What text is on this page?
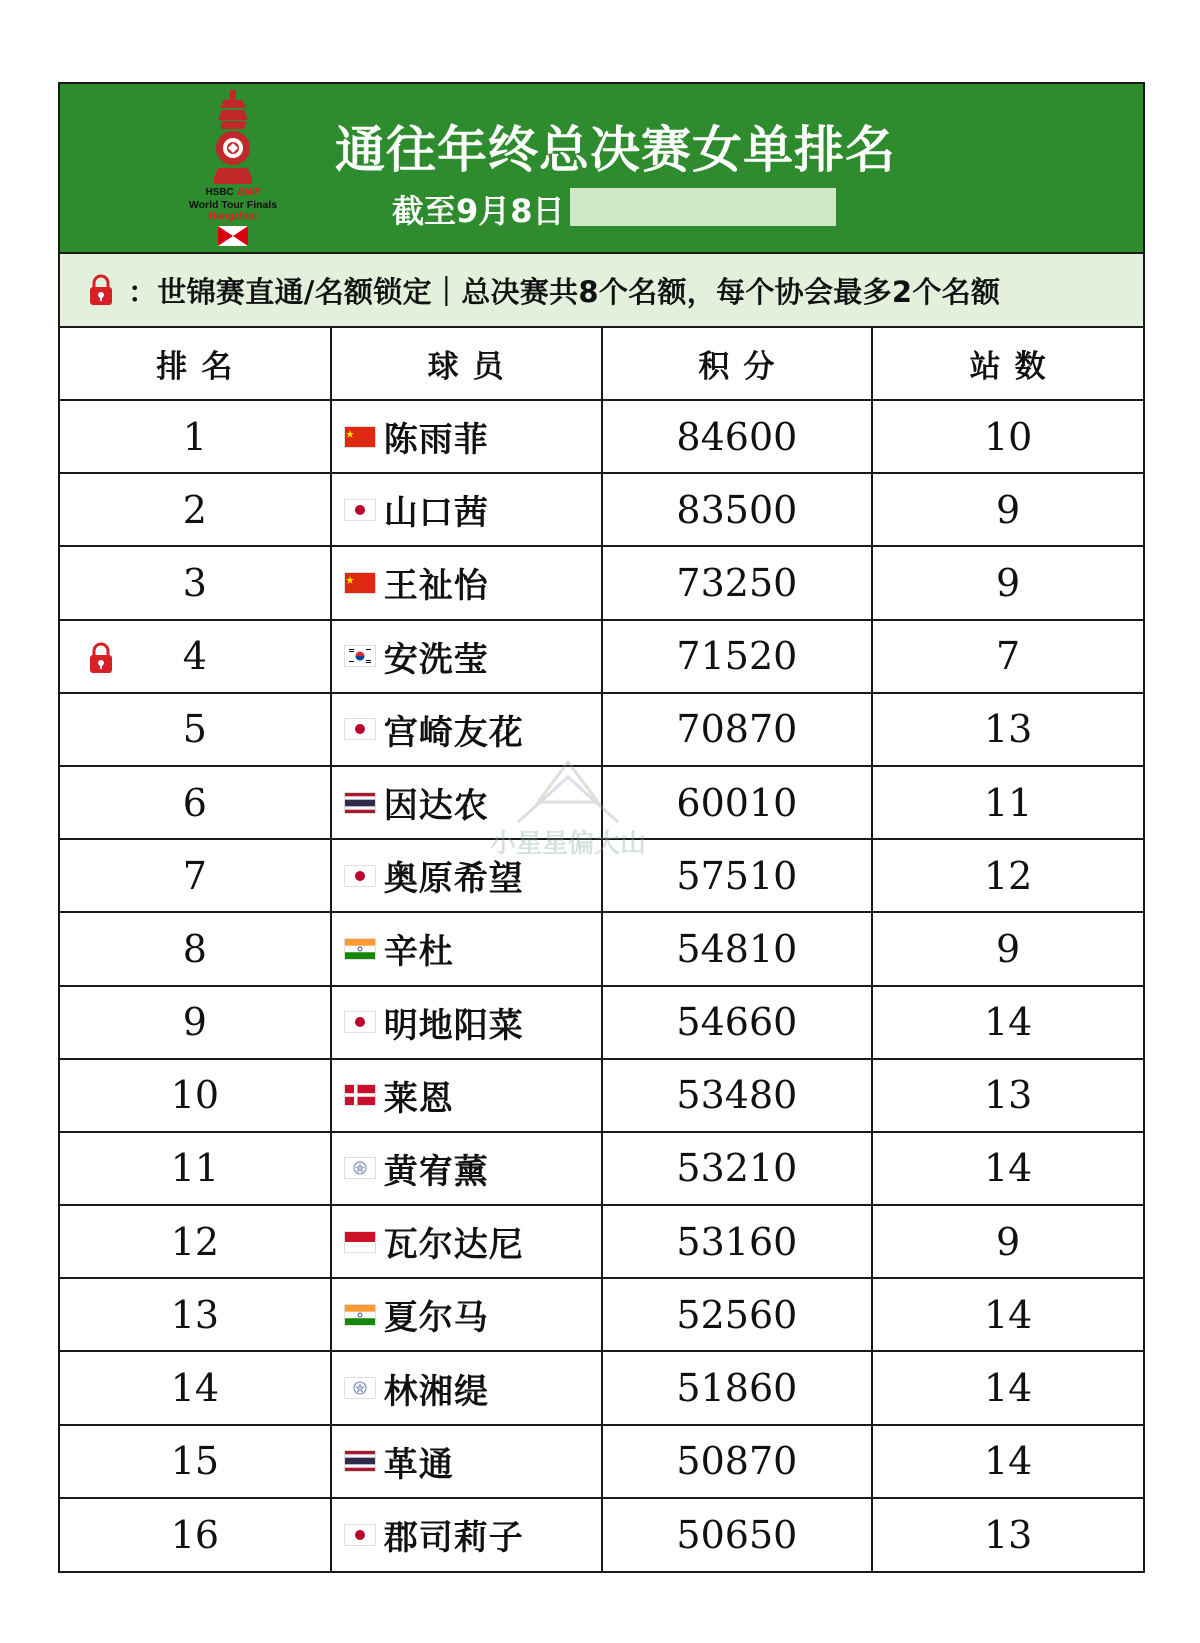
HSBC BWF
World Tour Finals
Hangzhou
通往年终总决赛女单排名
截至9月8日
：世锦赛直通/名额锁定｜总决赛共8个名额，每个协会最多2个名额
排名	球员	积分	站数
1	陈雨菲	84600	10
2	山口茜	83500	9
3	王祉怡	73250	9

4	安洗莹	71520	7
5	宫崎友花	70870	13
6	因达农	60010	11
7	奥原希望	57510	12
8	辛杜	54810	9
9	明地阳菜	54660	14
10	莱恩	53480	13
11	黄宥薰	53210	14
12	瓦尔达尼	53160	9
13	夏尔马	52560	14
14	林湘缇	51860	14
15	革通	50870	14
16	郡司莉子	50650	13
小星星偏大山
